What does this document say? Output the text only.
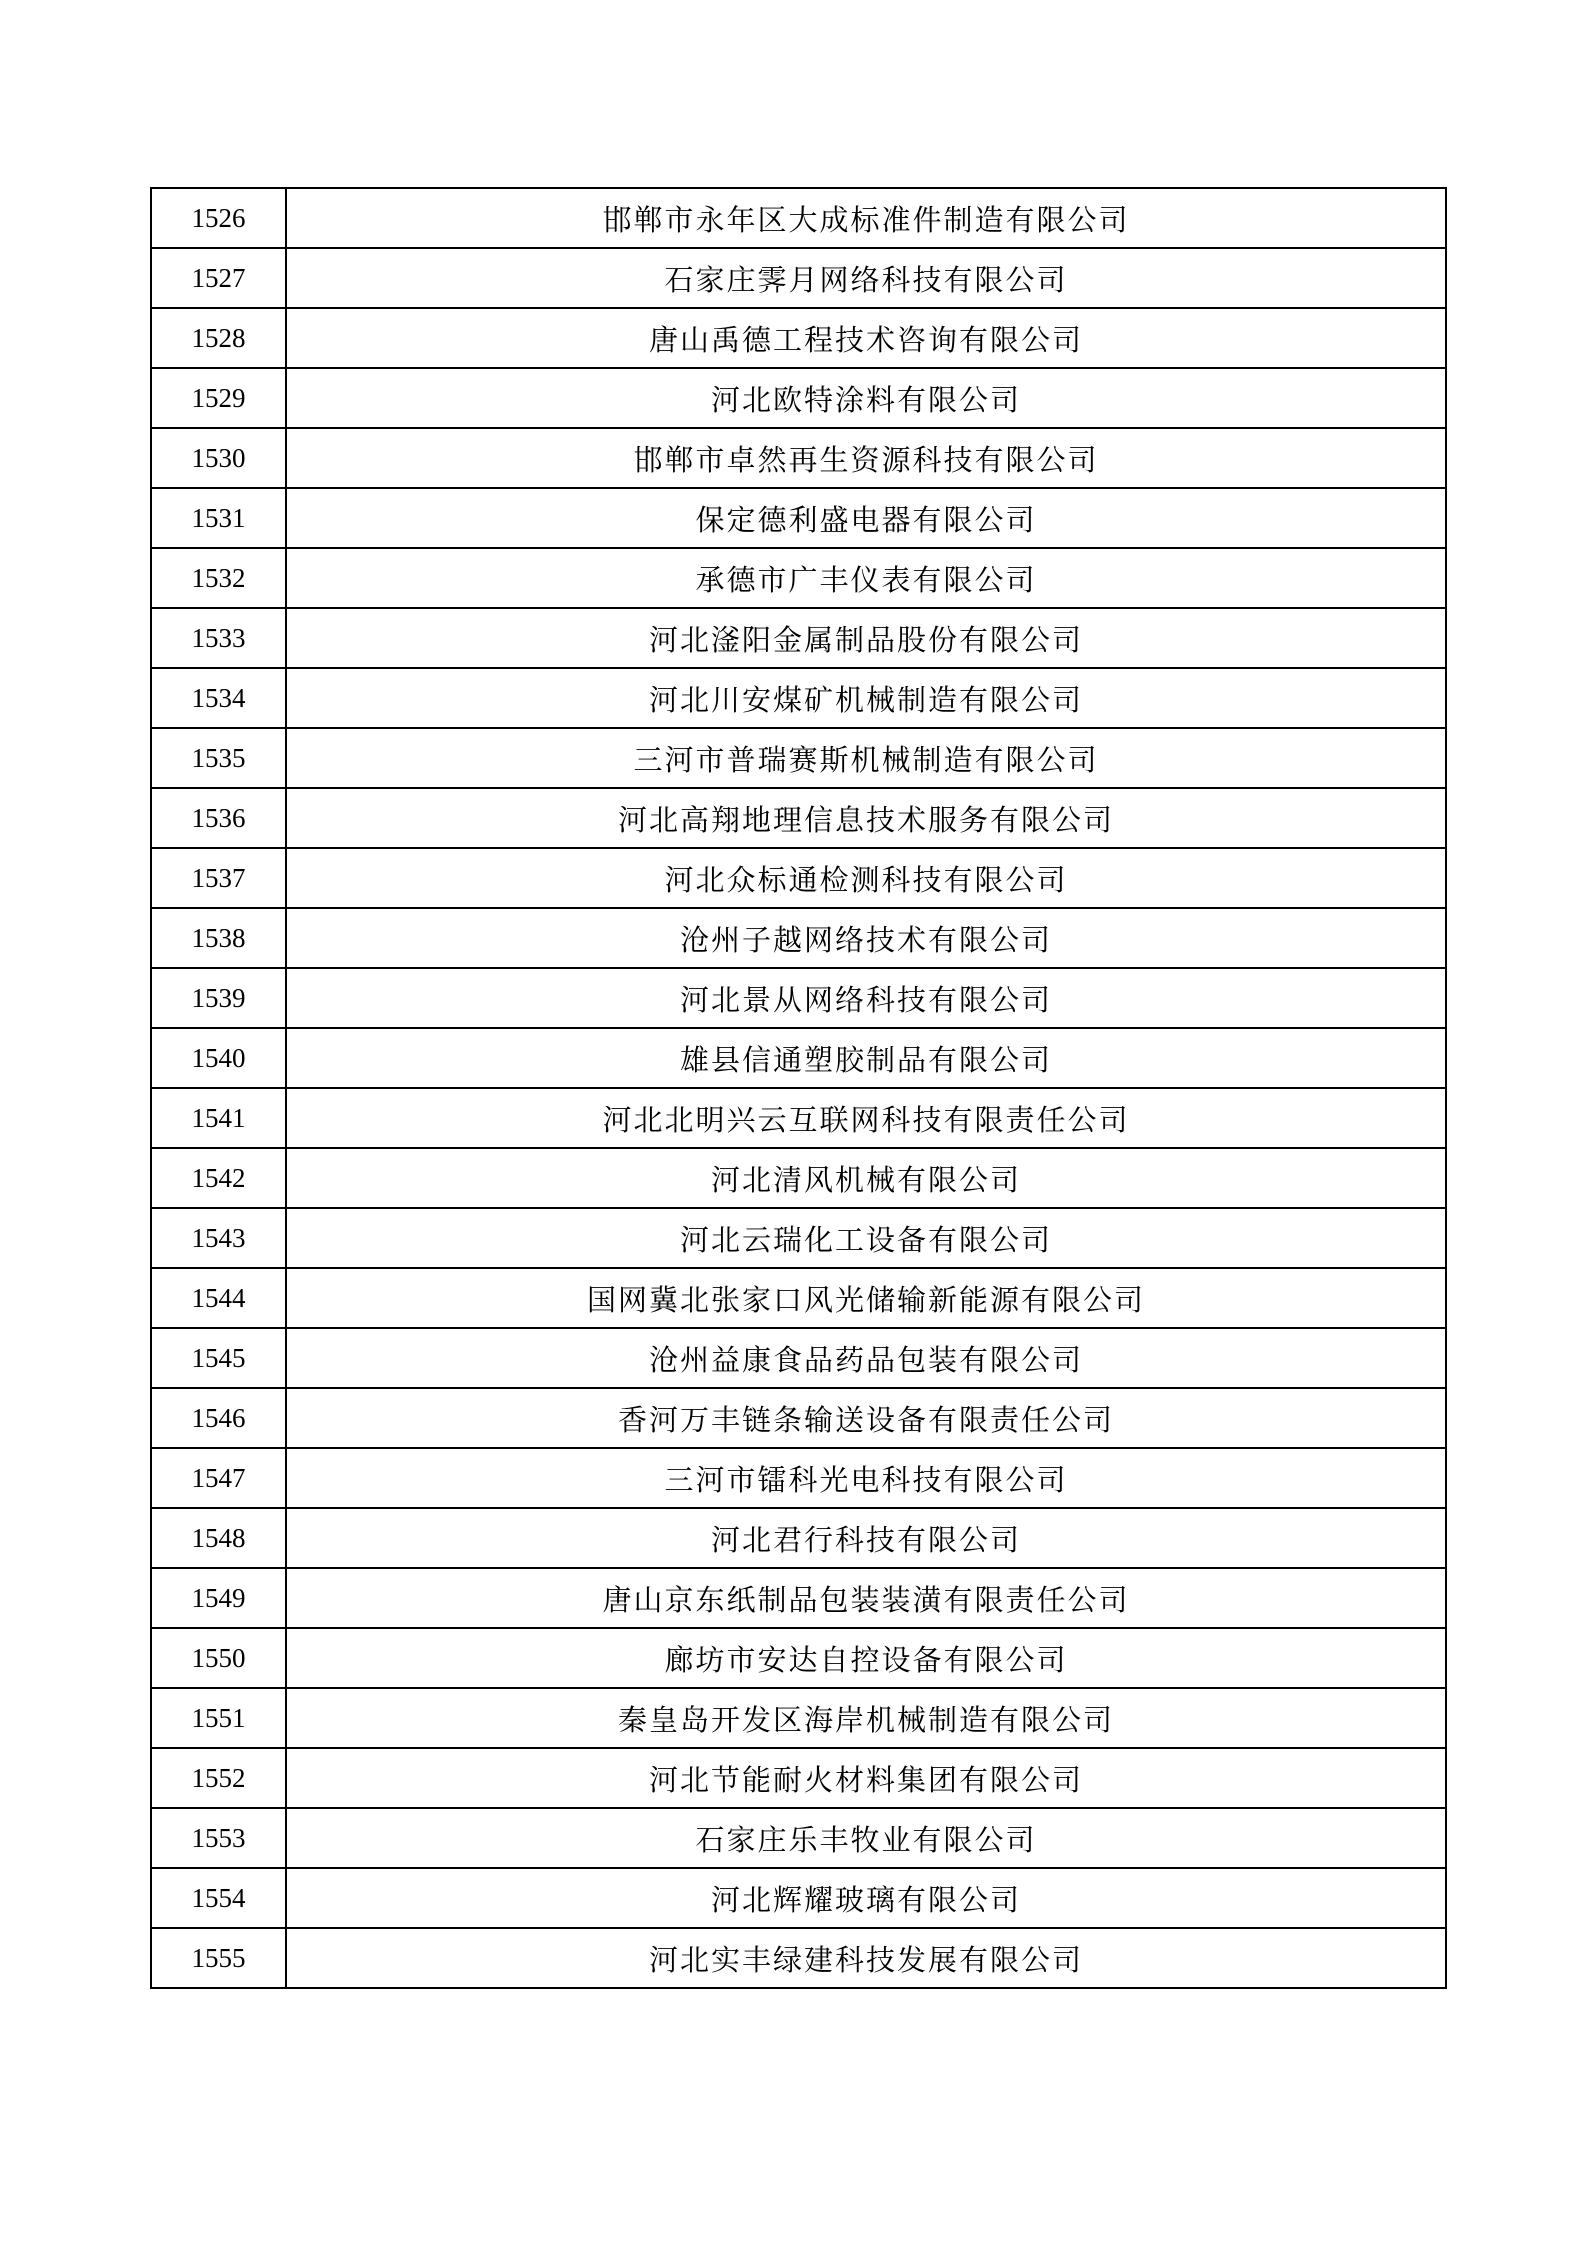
1526	邯郸市永年区大成标准件制造有限公司
1527	石家庄霁月网络科技有限公司
1528	唐山禹德工程技术咨询有限公司
1529	河北欧特涂料有限公司
1530	邯郸市卓然再生资源科技有限公司
1531	保定德利盛电器有限公司
1532	承德市广丰仪表有限公司
1533	河北滏阳金属制品股份有限公司
1534	河北川安煤矿机械制造有限公司
1535	三河市普瑞赛斯机械制造有限公司
1536	河北高翔地理信息技术服务有限公司
1537	河北众标通检测科技有限公司
1538	沧州子越网络技术有限公司
1539	河北景从网络科技有限公司
1540	雄县信通塑胶制品有限公司
1541	河北北明兴云互联网科技有限责任公司
1542	河北清风机械有限公司
1543	河北云瑞化工设备有限公司
1544	国网冀北张家口风光储输新能源有限公司
1545	沧州益康食品药品包装有限公司
1546	香河万丰链条输送设备有限责任公司
1547	三河市镭科光电科技有限公司
1548	河北君行科技有限公司
1549	唐山京东纸制品包装装潢有限责任公司
1550	廊坊市安达自控设备有限公司
1551	秦皇岛开发区海岸机械制造有限公司
1552	河北节能耐火材料集团有限公司
1553	石家庄乐丰牧业有限公司
1554	河北辉耀玻璃有限公司
1555	河北实丰绿建科技发展有限公司
